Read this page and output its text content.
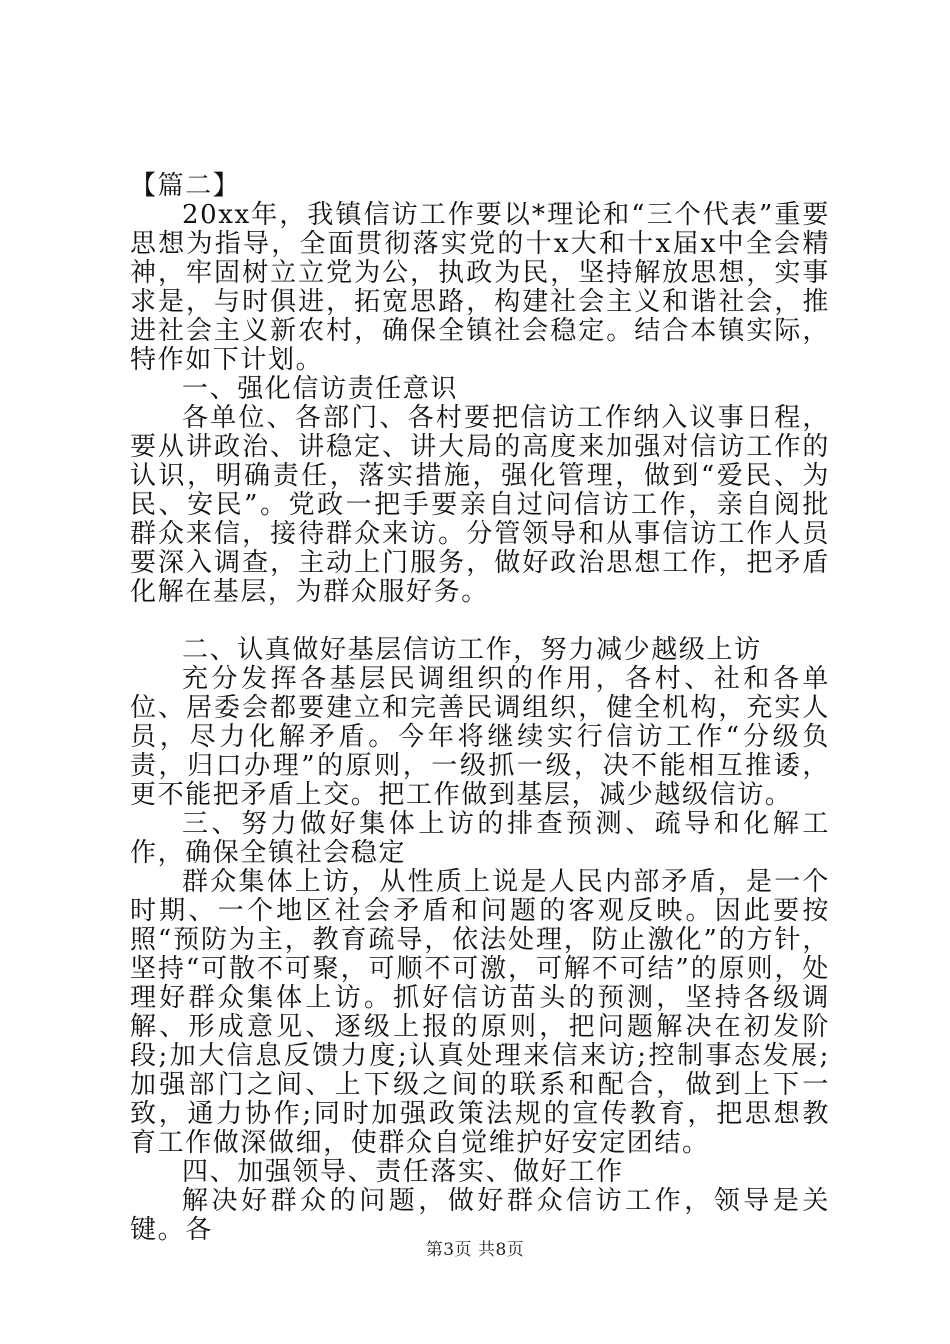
【篇二】

20xx年，我镇信访工作要以*理论和“三个代表”重要思想为指导，全面贯彻落实党的十x大和十x届x中全会精神，牢固树立立党为公，执政为民，坚持解放思想，实事求是，与时俱进，拓宽思路，构建社会主义和谐社会，推进社会主义新农村，确保全镇社会稳定。结合本镇实际，特作如下计划。

一、强化信访责任意识

各单位、各部门、各村要把信访工作纳入议事日程，要从讲政治、讲稳定、讲大局的高度来加强对信访工作的认识，明确责任，落实措施，强化管理，做到“爱民、为民、安民”。党政一把手要亲自过问信访工作，亲自阅批群众来信，接待群众来访。分管领导和从事信访工作人员要深入调查，主动上门服务，做好政治思想工作，把矛盾化解在基层，为群众服好务。

二、认真做好基层信访工作，努力减少越级上访

充分发挥各基层民调组织的作用，各村、社和各单位、居委会都要建立和完善民调组织，健全机构，充实人员，尽力化解矛盾。今年将继续实行信访工作“分级负责，归口办理”的原则，一级抓一级，决不能相互推诿，更不能把矛盾上交。把工作做到基层，减少越级信访。

三、努力做好集体上访的排查预测、疏导和化解工作，确保全镇社会稳定

群众集体上访，从性质上说是人民内部矛盾，是一个时期、一个地区社会矛盾和问题的客观反映。因此要按照“预防为主，教育疏导，依法处理，防止激化”的方针，坚持“可散不可聚，可顺不可激，可解不可结”的原则，处理好群众集体上访。抓好信访苗头的预测，坚持各级调解、形成意见、逐级上报的原则，把问题解决在初发阶段;加大信息反馈力度;认真处理来信来访;控制事态发展;加强部门之间、上下级之间的联系和配合，做到上下一致，通力协作;同时加强政策法规的宣传教育，把思想教育工作做深做细，使群众自觉维护好安定团结。

四、加强领导、责任落实、做好工作

解决好群众的问题，做好群众信访工作，领导是关键。各

第3页 共8页
